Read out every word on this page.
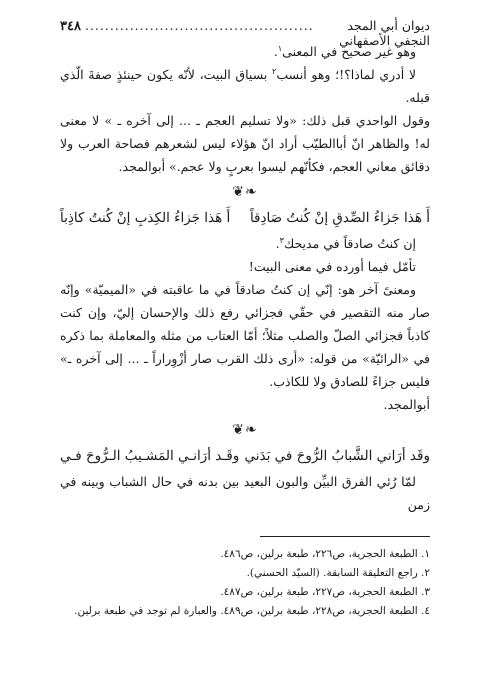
٣٤٨ ..............................................	ديوان أبي المجد النجفي الأصفهاني

وهو غير صحيح في المعنى$^١$.

لا أدري لماذا؟!؛ وهو أنسب$^٢$ بسياق البيت، لأنّه يكون حينئذٍ صفةَ الّذي قبله.

وقول الواحدي قبل ذلك: «ولا تسليم العجم ـ ... إلى آخره ـ » لا معنى له! والظاهر انّ أباالطيّب أراد انّ هؤلاء ليس لشعرهم فصاحة العرب ولا دقائق معاني العجم، فكأنّهم ليسوا بعربٍ ولا عجم.» أبوالمجد.

❧❦
أَ هَذا جَزاءُ الصِّدقِ إنْ كُنتُ صَادِقاً
أَ هَذا جَزاءُ الكِذبِ إنْ كُنتُ كاذِباً

إن كنتُ صادقاً في مديحك$^٣$.

تأمّل فيما أورده في معنى البيت!

ومعنىً آخر هو: إنّي إن كنتُ صادقاً في ما عاقبته في «الميميّة» وإنّه صار منه التقصير في حقّي فجزائي رفع ذلك والإحسان إليّ، وإن كنت كاذباً فجزائي الصلّ والصلب مثلاً؛ أمّا العتاب من مثله والمعاملة بما ذكره في «الرائيّة» من قوله: «أرى ذلك القرب صار أزْوِراراً ـ ... إلى آخره ـ» فليس جزاءً للصادق ولا للكاذب.

أبوالمجد.

❧❦
وقَد أرَاني الشَّبابُ الرُّوحَ في بَدَني
وقَـد أرَانـي المَشـيبُ الـرُّوحَ فـي

لمّا رُئي الفرق البيِّن والبون البعيد بين بدنه في حال الشباب وبينه في زمن

١. الطبعة الحجرية، ص٢٢٦، طبعة برلين، ص٤٨٦.

٢. راجع التعليقة السابقة. (السيّد الحسني).

٣. الطبعة الحجرية، ص٢٢٧، طبعة برلين، ص٤٨٧.

٤. الطبعة الحجرية، ص٢٢٨، طبعة برلين، ص٤٨٩. والعبارة لم توجد في طبعة برلين.
